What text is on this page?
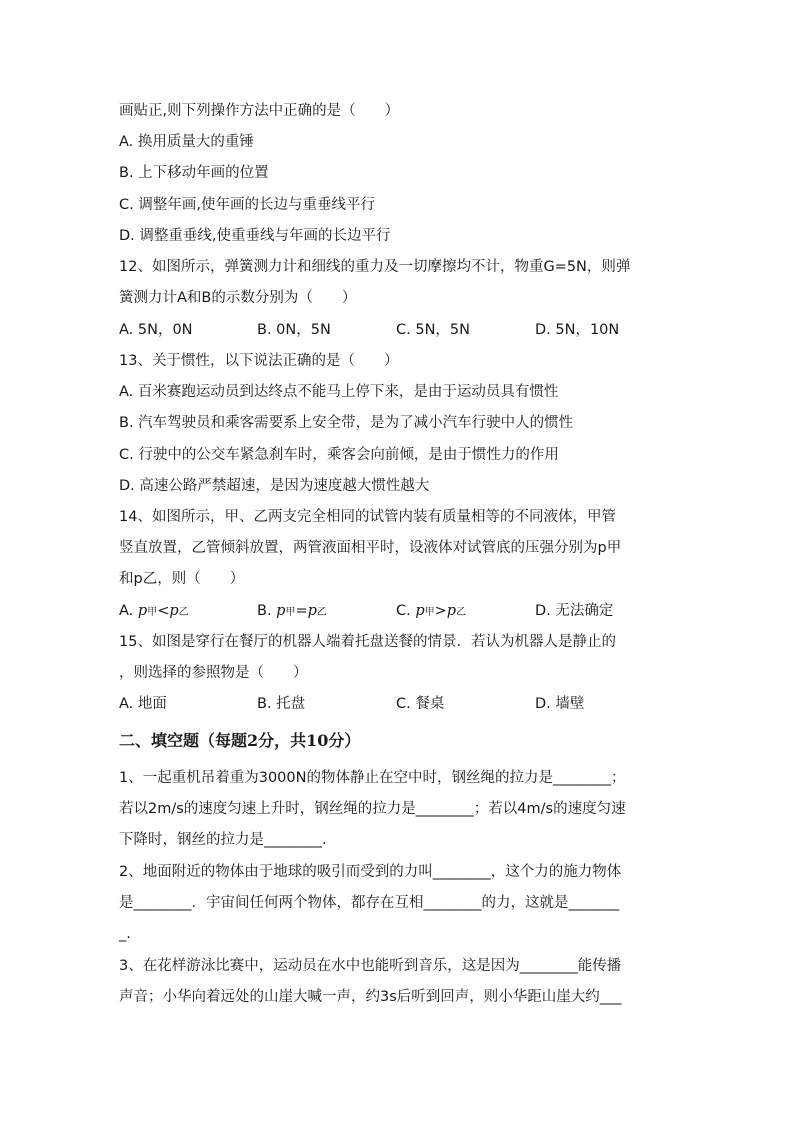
画贴正,则下列操作方法中正确的是（　　）
A. 换用质量大的重锤
B. 上下移动年画的位置
C. 调整年画,使年画的长边与重垂线平行
D. 调整重垂线,使重垂线与年画的长边平行
12、如图所示，弹簧测力计和细线的重力及一切摩擦均不计，物重G=5N，则弹
簧测力计A和B的示数分别为（　　）
A. 5N，0N	B. 0N，5N	C. 5N，5N	D. 5N，10N
13、关于惯性，以下说法正确的是（　　）
A. 百米赛跑运动员到达终点不能马上停下来，是由于运动员具有惯性
B. 汽车驾驶员和乘客需要系上安全带，是为了减小汽车行驶中人的惯性
C. 行驶中的公交车紧急刹车时，乘客会向前倾，是由于惯性力的作用
D. 高速公路严禁超速，是因为速度越大惯性越大
14、如图所示，甲、乙两支完全相同的试管内装有质量相等的不同液体，甲管
竖直放置，乙管倾斜放置，两管液面相平时，设液体对试管底的压强分别为p甲
和p乙，则（　　）
A. p甲<p乙	B. p甲=p乙	C. p甲>p乙	D. 无法确定
15、如图是穿行在餐厅的机器人端着托盘送餐的情景．若认为机器人是静止的
，则选择的参照物是（　　）
A. 地面	B. 托盘	C. 餐桌	D. 墙壁
二、填空题（每题2分，共10分）
1、一起重机吊着重为3000N的物体静止在空中时，钢丝绳的拉力是________；
若以2m/s的速度匀速上升时，钢丝绳的拉力是________；若以4m/s的速度匀速
下降时，钢丝的拉力是________.
2、地面附近的物体由于地球的吸引而受到的力叫________，这个力的施力物体
是________．宇宙间任何两个物体，都存在互相________的力，这就是_______
_.
3、在花样游泳比赛中，运动员在水中也能听到音乐，这是因为________能传播
声音；小华向着远处的山崖大喊一声，约3s后听到回声，则小华距山崖大约___
